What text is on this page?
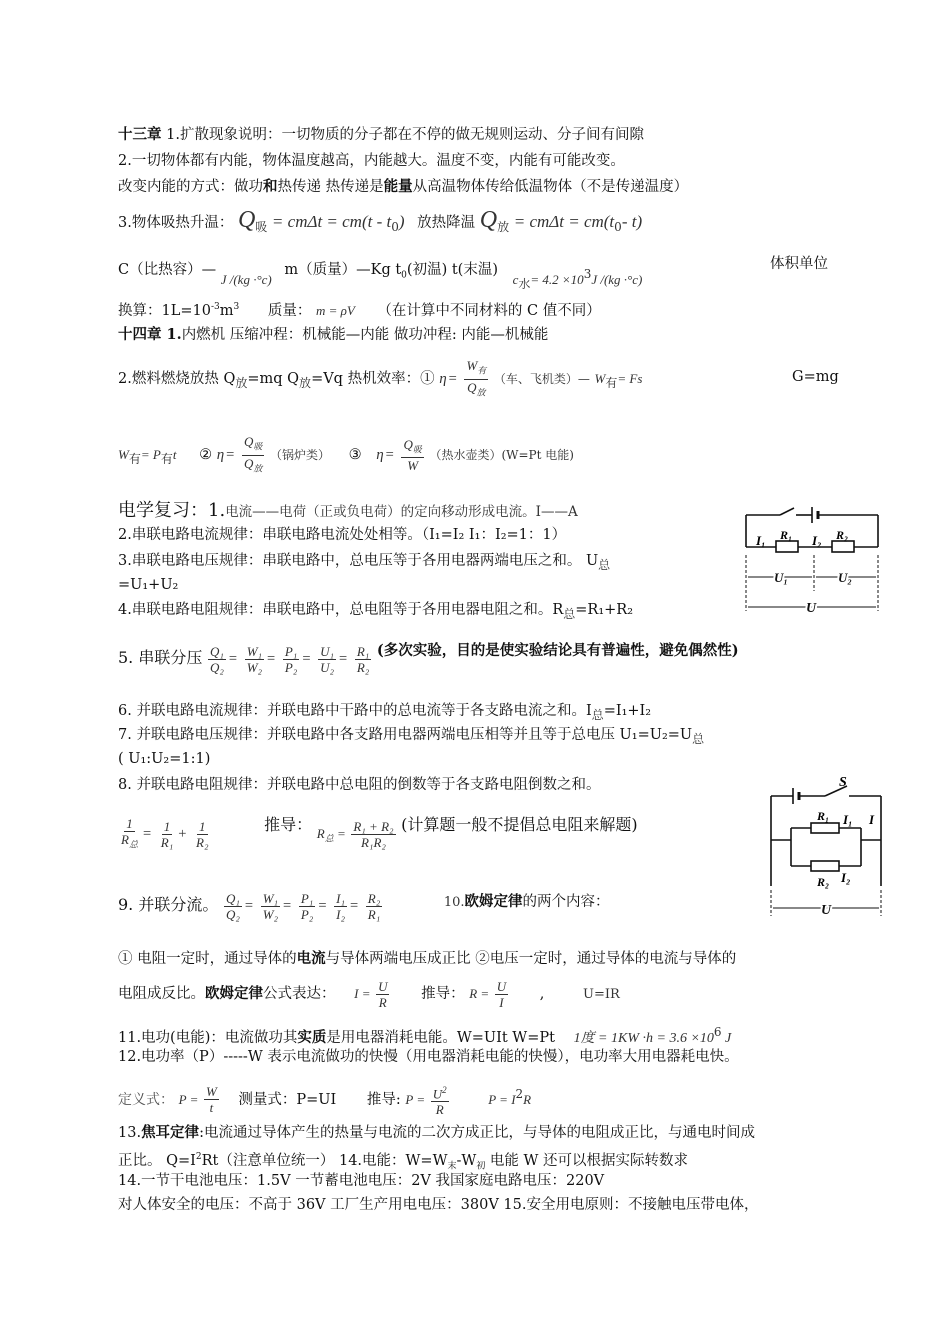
十三章 1.扩散现象说明：一切物质的分子都在不停的做无规则运动、分子间有间隙
2.一切物体都有内能，物体温度越高，内能越大。温度不变，内能有可能改变。
改变内能的方式：做功和热传递 热传递是能量从高温物体传给低温物体（不是传递温度）
3.物体吸热升温： $Q_吸 = cm\Delta t = cm(t - t_0)$ 放热降温 $Q_放 = cm\Delta t = cm(t_0-$ t)
C（比热容）— J /(kg ·°c) m（质量）—Kg $t_0$(初温) t(末温) $c_水= 4.2 \times 10^3J$ /(kg ·°c)
体积单位
换算：$1L=10^{-3}m^3$ 质量： m = ρV （在计算中不同材料的 C 值不同）
十四章 1.内燃机 压缩冲程：机械能—内能 做功冲程: 内能—机械能
2.燃料燃烧放热 $Q_放=mq$ $Q_放=Vq$ 热机效率：① $\eta = \frac{W_有}{Q_放}$ （车、飞机类）— $W_有= Fs$	G=mg
$W_有= P_有t$ ② $\eta = \frac{Q_吸}{Q_放}$ （锅炉类） ③ $\eta = \frac{Q_吸}{W}$ （热水壶类）(W=Pt 电能)
电学复习：1.电流——电荷（正或负电荷）的定向移动形成电流。I——A
2.串联电路电流规律：串联电路电流处处相等。（I₁=I₂ I₁：I₂=1：1）
3.串联电路电压规律：串联电路中，总电压等于各用电器两端电压之和。 $U_总$
=U₁+U₂
4.串联电路电阻规律：串联电路中，总电阻等于各用电器电阻之和。$R_总=R_1+R_2$
5. 串联分压 $\frac{\text{Q₁}}{\text{Q₂}} = \frac{\text{W₁}}{\text{W₂}} = \frac{\text{P₁}}{\text{P₂}} = \frac{\text{U₁}}{\text{U₂}} = \frac{\text{R₁}}{\text{R₂}}$ (多次实验，目的是使实验结论具有普遍性，避免偶然性)
6. 并联电路电流规律：并联电路中干路中的总电流等于各支路电流之和。$I_总=I_1+I_2$
7. 并联电路电压规律：并联电路中各支路用电器两端电压相等并且等于总电压 $U_1=U_2=U_总$
( U₁:U₂=1:1)
8. 并联电路电阻规律：并联电路中总电阻的倒数等于各支路电阻倒数之和。
$\frac{1}{R_总} = \frac{1}{\text{R₁}} + \frac{1}{\text{R₂}}$	推导： $R_总 = \frac{\text{R₁ + R₂}}{\text{R₁R₂}}$ (计算题一般不提倡总电阻来解题)
9. 并联分流。 $\frac{\text{Q₁}}{\text{Q₂}} = \frac{\text{W₁}}{\text{W₂}} = \frac{\text{P₁}}{\text{P₂}} = \frac{\text{I₁}}{\text{I₂}} = \frac{\text{R₂}}{\text{R₁}}$	10.欧姆定律的两个内容：
① 电阻一定时，通过导体的电流与导体两端电压成正比 ②电压一定时，通过导体的电流与导体的
电阻成反比。欧姆定律公式表达： $I = \frac{U}{R}$ 推导： $R = \frac{U}{I}$ ,	U=IR
11.电功(电能)：电流做功其实质是用电器消耗电能。W=UIt W=Pt 1度 = $1KW \cdot h = 3.6 \times 10^6$ J
12.电功率（P）-----W 表示电流做功的快慢（用电器消耗电能的快慢），电功率大用电器耗电快。
定义式： $P = \frac{W}{t}$ 测量式：P=UI 推导: $P = \frac{U^2}{R}$	$P = I^2R$
13.焦耳定律:电流通过导体产生的热量与电流的二次方成正比，与导体的电阻成正比，与通电时间成
正比。 $Q=I^2Rt$（注意单位统一） 14.电能：$W=W_末-W_初$ 电能 W 还可以根据实际转数求
14.一节干电池电压：1.5V 一节蓄电池电压：2V 我国家庭电路电压：220V
对人体安全的电压：不高于 36V 工厂生产用电电压：380V 15.安全用电原则：不接触电压带电体，
I₁ R₁ I₂ R₂
U₁	U₂
U
S
R₁ I₁ I
R₂ I₂
U
